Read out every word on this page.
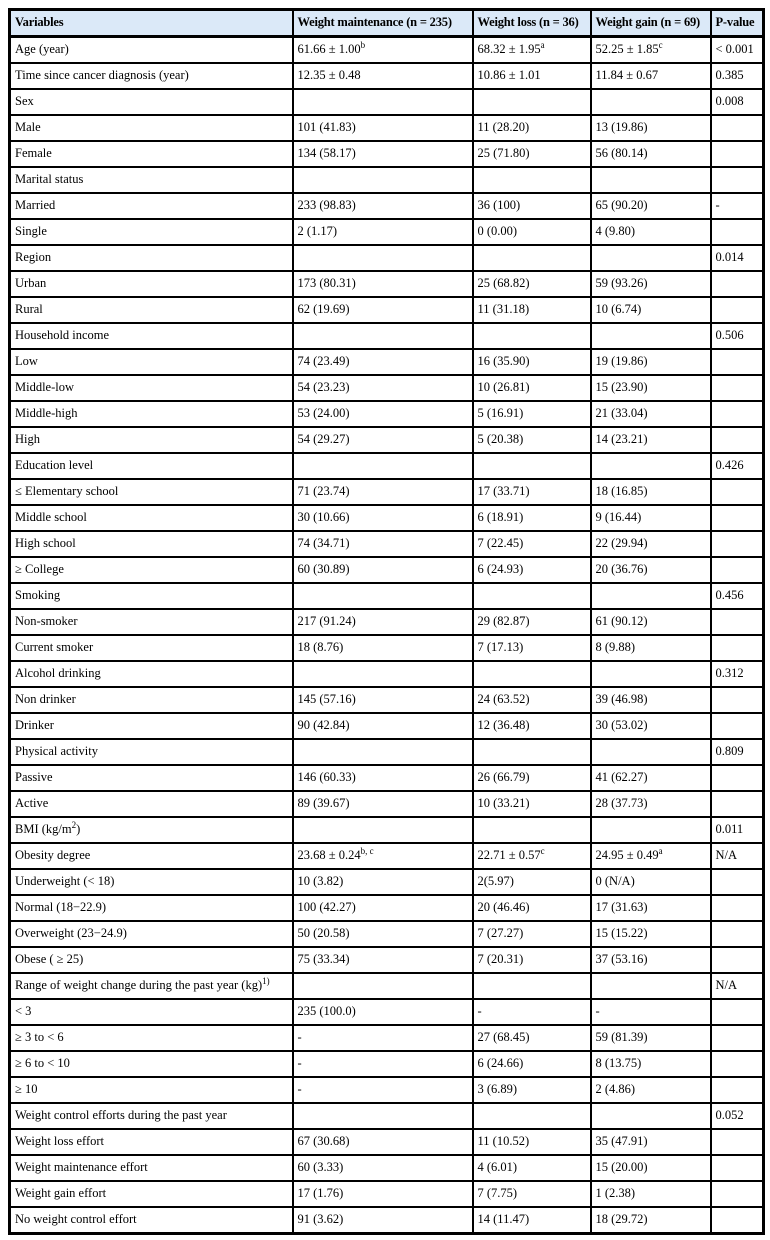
Variables	Weight maintenance (n = 235)	Weight loss (n = 36)	Weight gain (n = 69)	P-value
Age (year)	61.66 ± 1.00$^b$	68.32 ± 1.95$^a$	52.25 ± 1.85$^c$	< 0.001
Time since cancer diagnosis (year)	12.35 ± 0.48	10.86 ± 1.01	11.84 ± 0.67	0.385
Sex				0.008
Male	101 (41.83)	11 (28.20)	13 (19.86)	
Female	134 (58.17)	25 (71.80)	56 (80.14)	
Marital status				
Married	233 (98.83)	36 (100)	65 (90.20)	-
Single	2 (1.17)	0 (0.00)	4 (9.80)	
Region				0.014
Urban	173 (80.31)	25 (68.82)	59 (93.26)	
Rural	62 (19.69)	11 (31.18)	10 (6.74)	
Household income				0.506
Low	74 (23.49)	16 (35.90)	19 (19.86)	
Middle-low	54 (23.23)	10 (26.81)	15 (23.90)	
Middle-high	53 (24.00)	5 (16.91)	21 (33.04)	
High	54 (29.27)	5 (20.38)	14 (23.21)	
Education level				0.426
≤ Elementary school	71 (23.74)	17 (33.71)	18 (16.85)	
Middle school	30 (10.66)	6 (18.91)	9 (16.44)	
High school	74 (34.71)	7 (22.45)	22 (29.94)	
≥ College	60 (30.89)	6 (24.93)	20 (36.76)	
Smoking				0.456
Non-smoker	217 (91.24)	29 (82.87)	61 (90.12)	
Current smoker	18 (8.76)	7 (17.13)	8 (9.88)	
Alcohol drinking				0.312
Non drinker	145 (57.16)	24 (63.52)	39 (46.98)	
Drinker	90 (42.84)	12 (36.48)	30 (53.02)	
Physical activity				0.809
Passive	146 (60.33)	26 (66.79)	41 (62.27)	
Active	89 (39.67)	10 (33.21)	28 (37.73)	
BMI $(kg/m^2)$				0.011
Obesity degree	$23.68 \pm 0.24^{b, c}$	22.71 ± 0.57$^c$	24.95 ± 0.49$^a$	N/A
Underweight (< 18)	10 (3.82)	2(5.97)	0 (N/A)	
Normal (18−22.9)	100 (42.27)	20 (46.46)	17 (31.63)	
Overweight (23−24.9)	50 (20.58)	7 (27.27)	15 (15.22)	
Obese ( ≥ 25)	75 (33.34)	7 (20.31)	37 (53.16)	
Range of weight change during the past year (kg)$^{1)}$				N/A
< 3	235 (100.0)	-	-	
≥ 3 to < 6	-	27 (68.45)	59 (81.39)	
≥ 6 to < 10	-	6 (24.66)	8 (13.75)	
≥ 10	-	3 (6.89)	2 (4.86)	
Weight control efforts during the past year				0.052
Weight loss effort	67 (30.68)	11 (10.52)	35 (47.91)	
Weight maintenance effort	60 (3.33)	4 (6.01)	15 (20.00)	
Weight gain effort	17 (1.76)	7 (7.75)	1 (2.38)	
No weight control effort	91 (3.62)	14 (11.47)	18 (29.72)	
